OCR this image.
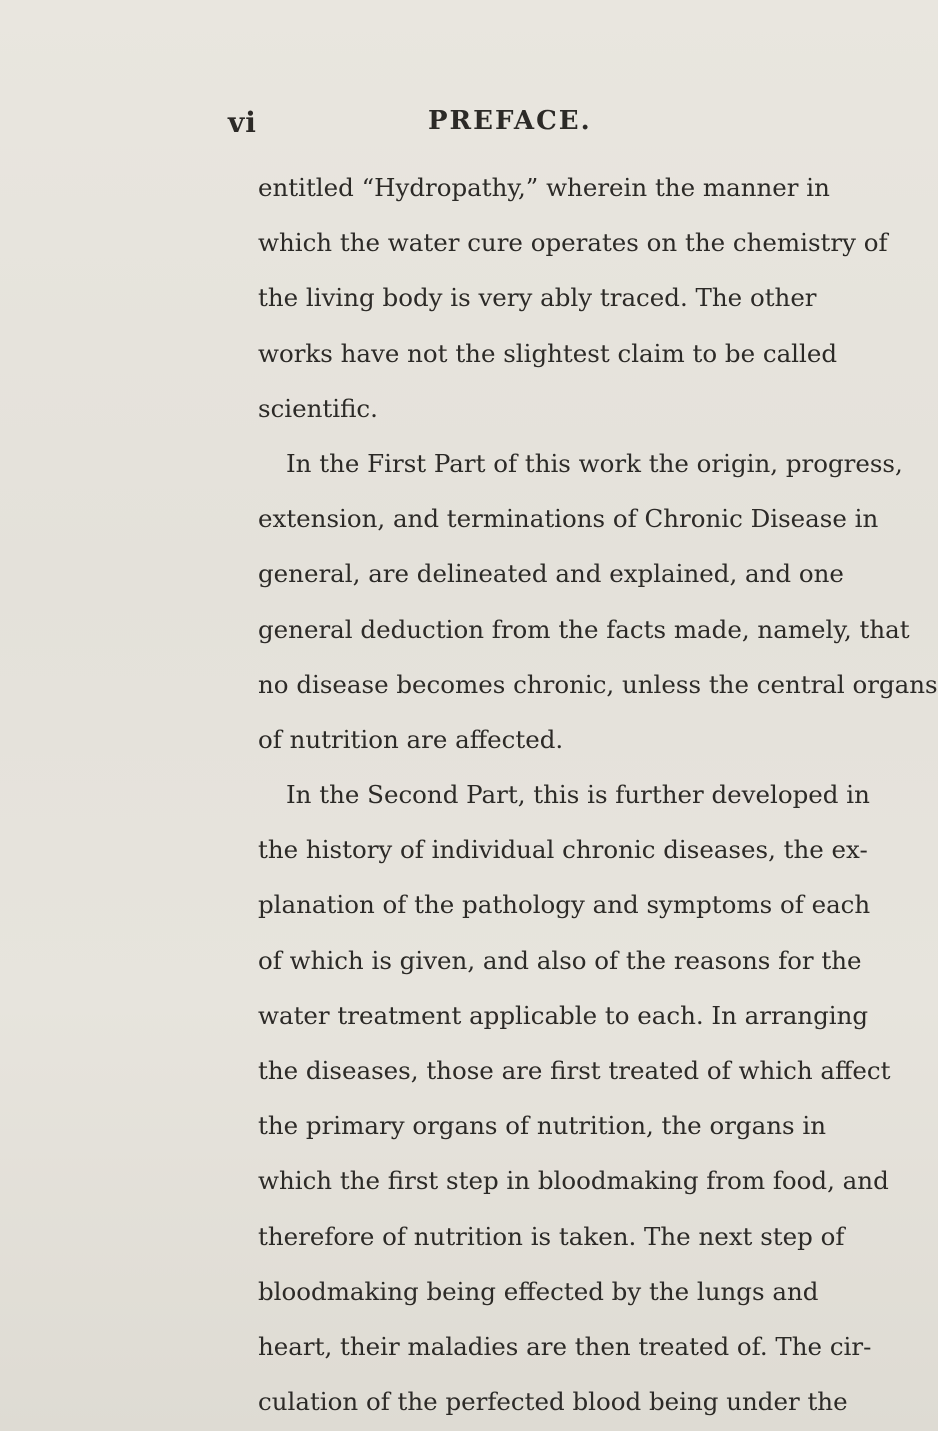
vi	PREFACE.
entitled “Hydropathy,” wherein the manner in
which the water cure operates on the chemistry of
the living body is very ably traced. The other
works have not the slightest claim to be called
scientific.
In the First Part of this work the origin, progress,
extension, and terminations of Chronic Disease in
general, are delineated and explained, and one
general deduction from the facts made, namely, that
no disease becomes chronic, unless the central organs
of nutrition are affected.
In the Second Part, this is further developed in
the history of individual chronic diseases, the ex-
planation of the pathology and symptoms of each
of which is given, and also of the reasons for the
water treatment applicable to each. In arranging
the diseases, those are first treated of which affect
the primary organs of nutrition, the organs in
which the first step in bloodmaking from food, and
therefore of nutrition is taken. The next step of
bloodmaking being effected by the lungs and
heart, their maladies are then treated of. The cir-
culation of the perfected blood being under the
